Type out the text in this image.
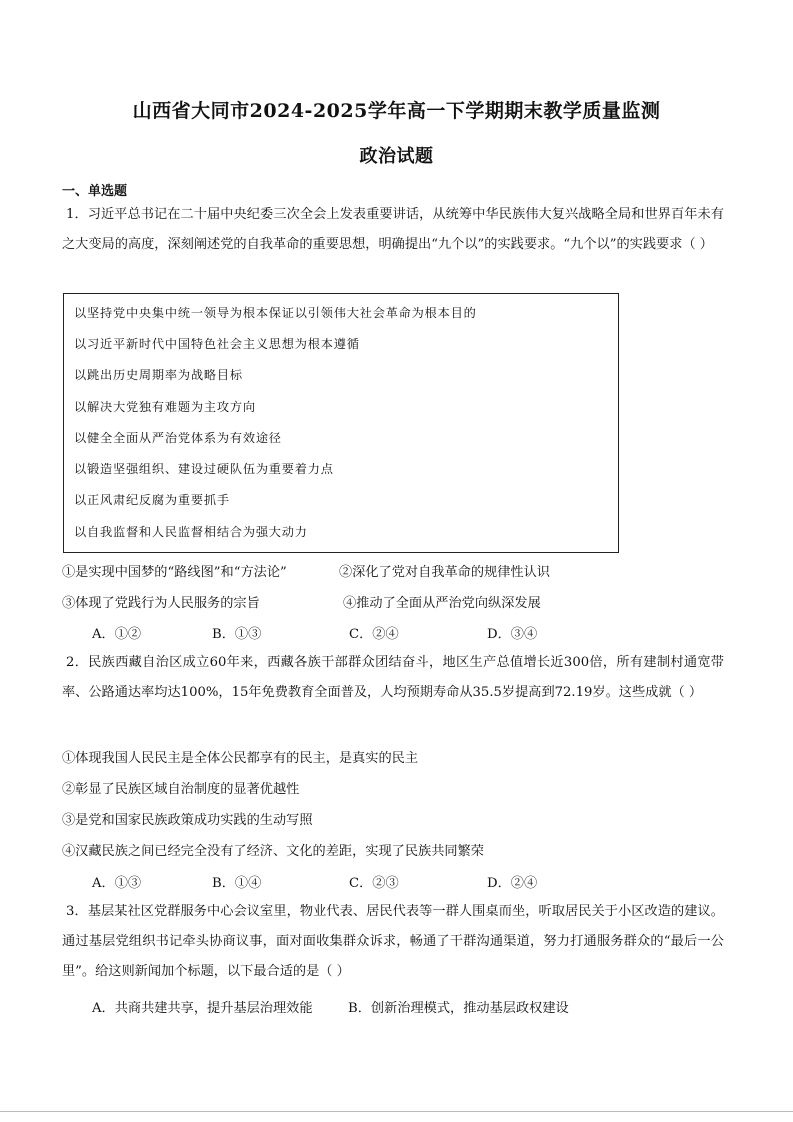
山西省大同市2024-2025学年高一下学期期末教学质量监测
政治试题
一、单选题
1．习近平总书记在二十届中央纪委三次全会上发表重要讲话，从统筹中华民族伟大复兴战略全局和世界百年未有之大变局的高度，深刻阐述党的自我革命的重要思想，明确提出“九个以”的实践要求。“九个以”的实践要求（ ）
以坚持党中央集中统一领导为根本保证以引领伟大社会革命为根本目的
以习近平新时代中国特色社会主义思想为根本遵循
以跳出历史周期率为战略目标
以解决大党独有难题为主攻方向
以健全全面从严治党体系为有效途径
以锻造坚强组织、建设过硬队伍为重要着力点
以正风肃纪反腐为重要抓手
以自我监督和人民监督相结合为强大动力
①是实现中国梦的“路线图”和“方法论”	②深化了党对自我革命的规律性认识
③体现了党践行为人民服务的宗旨	④推动了全面从严治党向纵深发展
A．①②	B．①③	C．②④	D．③④
2．民族西藏自治区成立60年来，西藏各族干部群众团结奋斗，地区生产总值增长近300倍，所有建制村通宽带率、公路通达率均达100%，15年免费教育全面普及，人均预期寿命从35.5岁提高到72.19岁。这些成就（ ）
①体现我国人民民主是全体公民都享有的民主，是真实的民主
②彰显了民族区域自治制度的显著优越性
③是党和国家民族政策成功实践的生动写照
④汉藏民族之间已经完全没有了经济、文化的差距，实现了民族共同繁荣
A．①③	B．①④	C．②③	D．②④
3．基层某社区党群服务中心会议室里，物业代表、居民代表等一群人围桌而坐，听取居民关于小区改造的建议。通过基层党组织书记牵头协商议事，面对面收集群众诉求，畅通了干群沟通渠道，努力打通服务群众的“最后一公里”。给这则新闻加个标题，以下最合适的是（ ）
A．共商共建共享，提升基层治理效能	B．创新治理模式，推动基层政权建设
